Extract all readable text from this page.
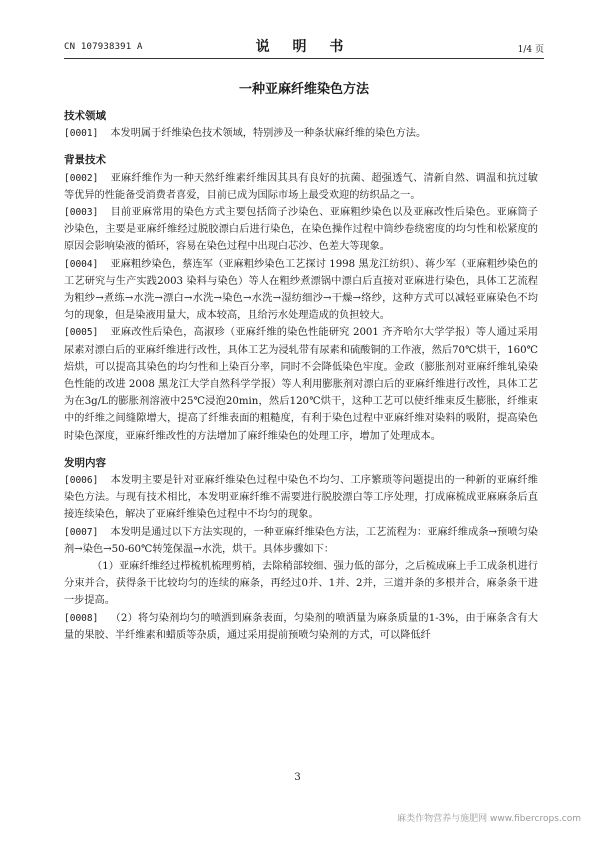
CN 107938391 A	说 明 书	1/4 页
一种亚麻纤维染色方法

技术领域

[0001] 本发明属于纤维染色技术领域，特别涉及一种条状麻纤维的染色方法。

背景技术

[0002] 亚麻纤维作为一种天然纤维素纤维因其具有良好的抗菌、超强透气、清新自然、调温和抗过敏等优异的性能备受消费者喜爱，目前已成为国际市场上最受欢迎的纺织品之一。

[0003] 目前亚麻常用的染色方式主要包括筒子沙染色、亚麻粗纱染色以及亚麻改性后染色。亚麻筒子沙染色，主要是亚麻纤维经过脱胶漂白后进行染色，在染色操作过程中筒纱卷绕密度的均匀性和松紧度的原因会影响染液的循环，容易在染色过程中出现白芯沙、色差大等现象。

[0004] 亚麻粗纱染色，蔡连军（亚麻粗纱染色工艺探讨 1998 黑龙江纺织）、蒋少军（亚麻粗纱染色的工艺研究与生产实践2003 染料与染色）等人在粗纱煮漂锅中漂白后直接对亚麻进行染色，具体工艺流程为粗纱→煮练→水洗→漂白→水洗→染色→水洗→湿纺细沙→干燥→络纱，这种方式可以减轻亚麻染色不均匀的现象，但是染液用量大，成本较高，且给污水处理造成的负担较大。

[0005] 亚麻改性后染色，高淑珍（亚麻纤维的染色性能研究 2001 齐齐哈尔大学学报）等人通过采用尿素对漂白后的亚麻纤维进行改性，具体工艺为浸轧带有尿素和硫酸铜的工作液，然后70℃烘干，160℃焙烘，可以提高其染色的均匀性和上染百分率，同时不会降低染色牢度。金政（膨胀剂对亚麻纤维轧染染色性能的改进 2008 黑龙江大学自然科学学报）等人利用膨胀剂对漂白后的亚麻纤维进行改性，具体工艺为在3g/L的膨胀剂溶液中25℃浸泡20min，然后120℃烘干，这种工艺可以使纤维束反生膨胀，纤维束中的纤维之间缝隙增大，提高了纤维表面的粗糙度，有利于染色过程中亚麻纤维对染料的吸附，提高染色时染色深度，亚麻纤维改性的方法增加了麻纤维染色的处理工序，增加了处理成本。

发明内容

[0006] 本发明主要是针对亚麻纤维染色过程中染色不均匀、工序繁琐等问题提出的一种新的亚麻纤维染色方法。与现有技术相比，本发明亚麻纤维不需要进行脱胶漂白等工序处理，打成麻梳成亚麻麻条后直接连续染色，解决了亚麻纤维染色过程中不均匀的现象。

[0007] 本发明是通过以下方法实现的，一种亚麻纤维染色方法，工艺流程为：亚麻纤维成条→预喷匀染剂→染色→50-60℃转笼保温→水洗，烘干。具体步骤如下：

（1）亚麻纤维经过栉梳机梳理剪梢，去除稍部较细、强力低的部分，之后梳成麻上手工成条机进行分束并合，获得条干比较均匀的连续的麻条，再经过0并、1并、2并，三道并条的多根并合，麻条条干进一步提高。

[0008] （2）将匀染剂均匀的喷洒到麻条表面，匀染剂的喷洒量为麻条质量的1-3%，由于麻条含有大量的果胶、半纤维素和蜡质等杂质，通过采用提前预喷匀染剂的方式，可以降低纤

3
麻类作物营养与施肥网 www.fibercrops.com
